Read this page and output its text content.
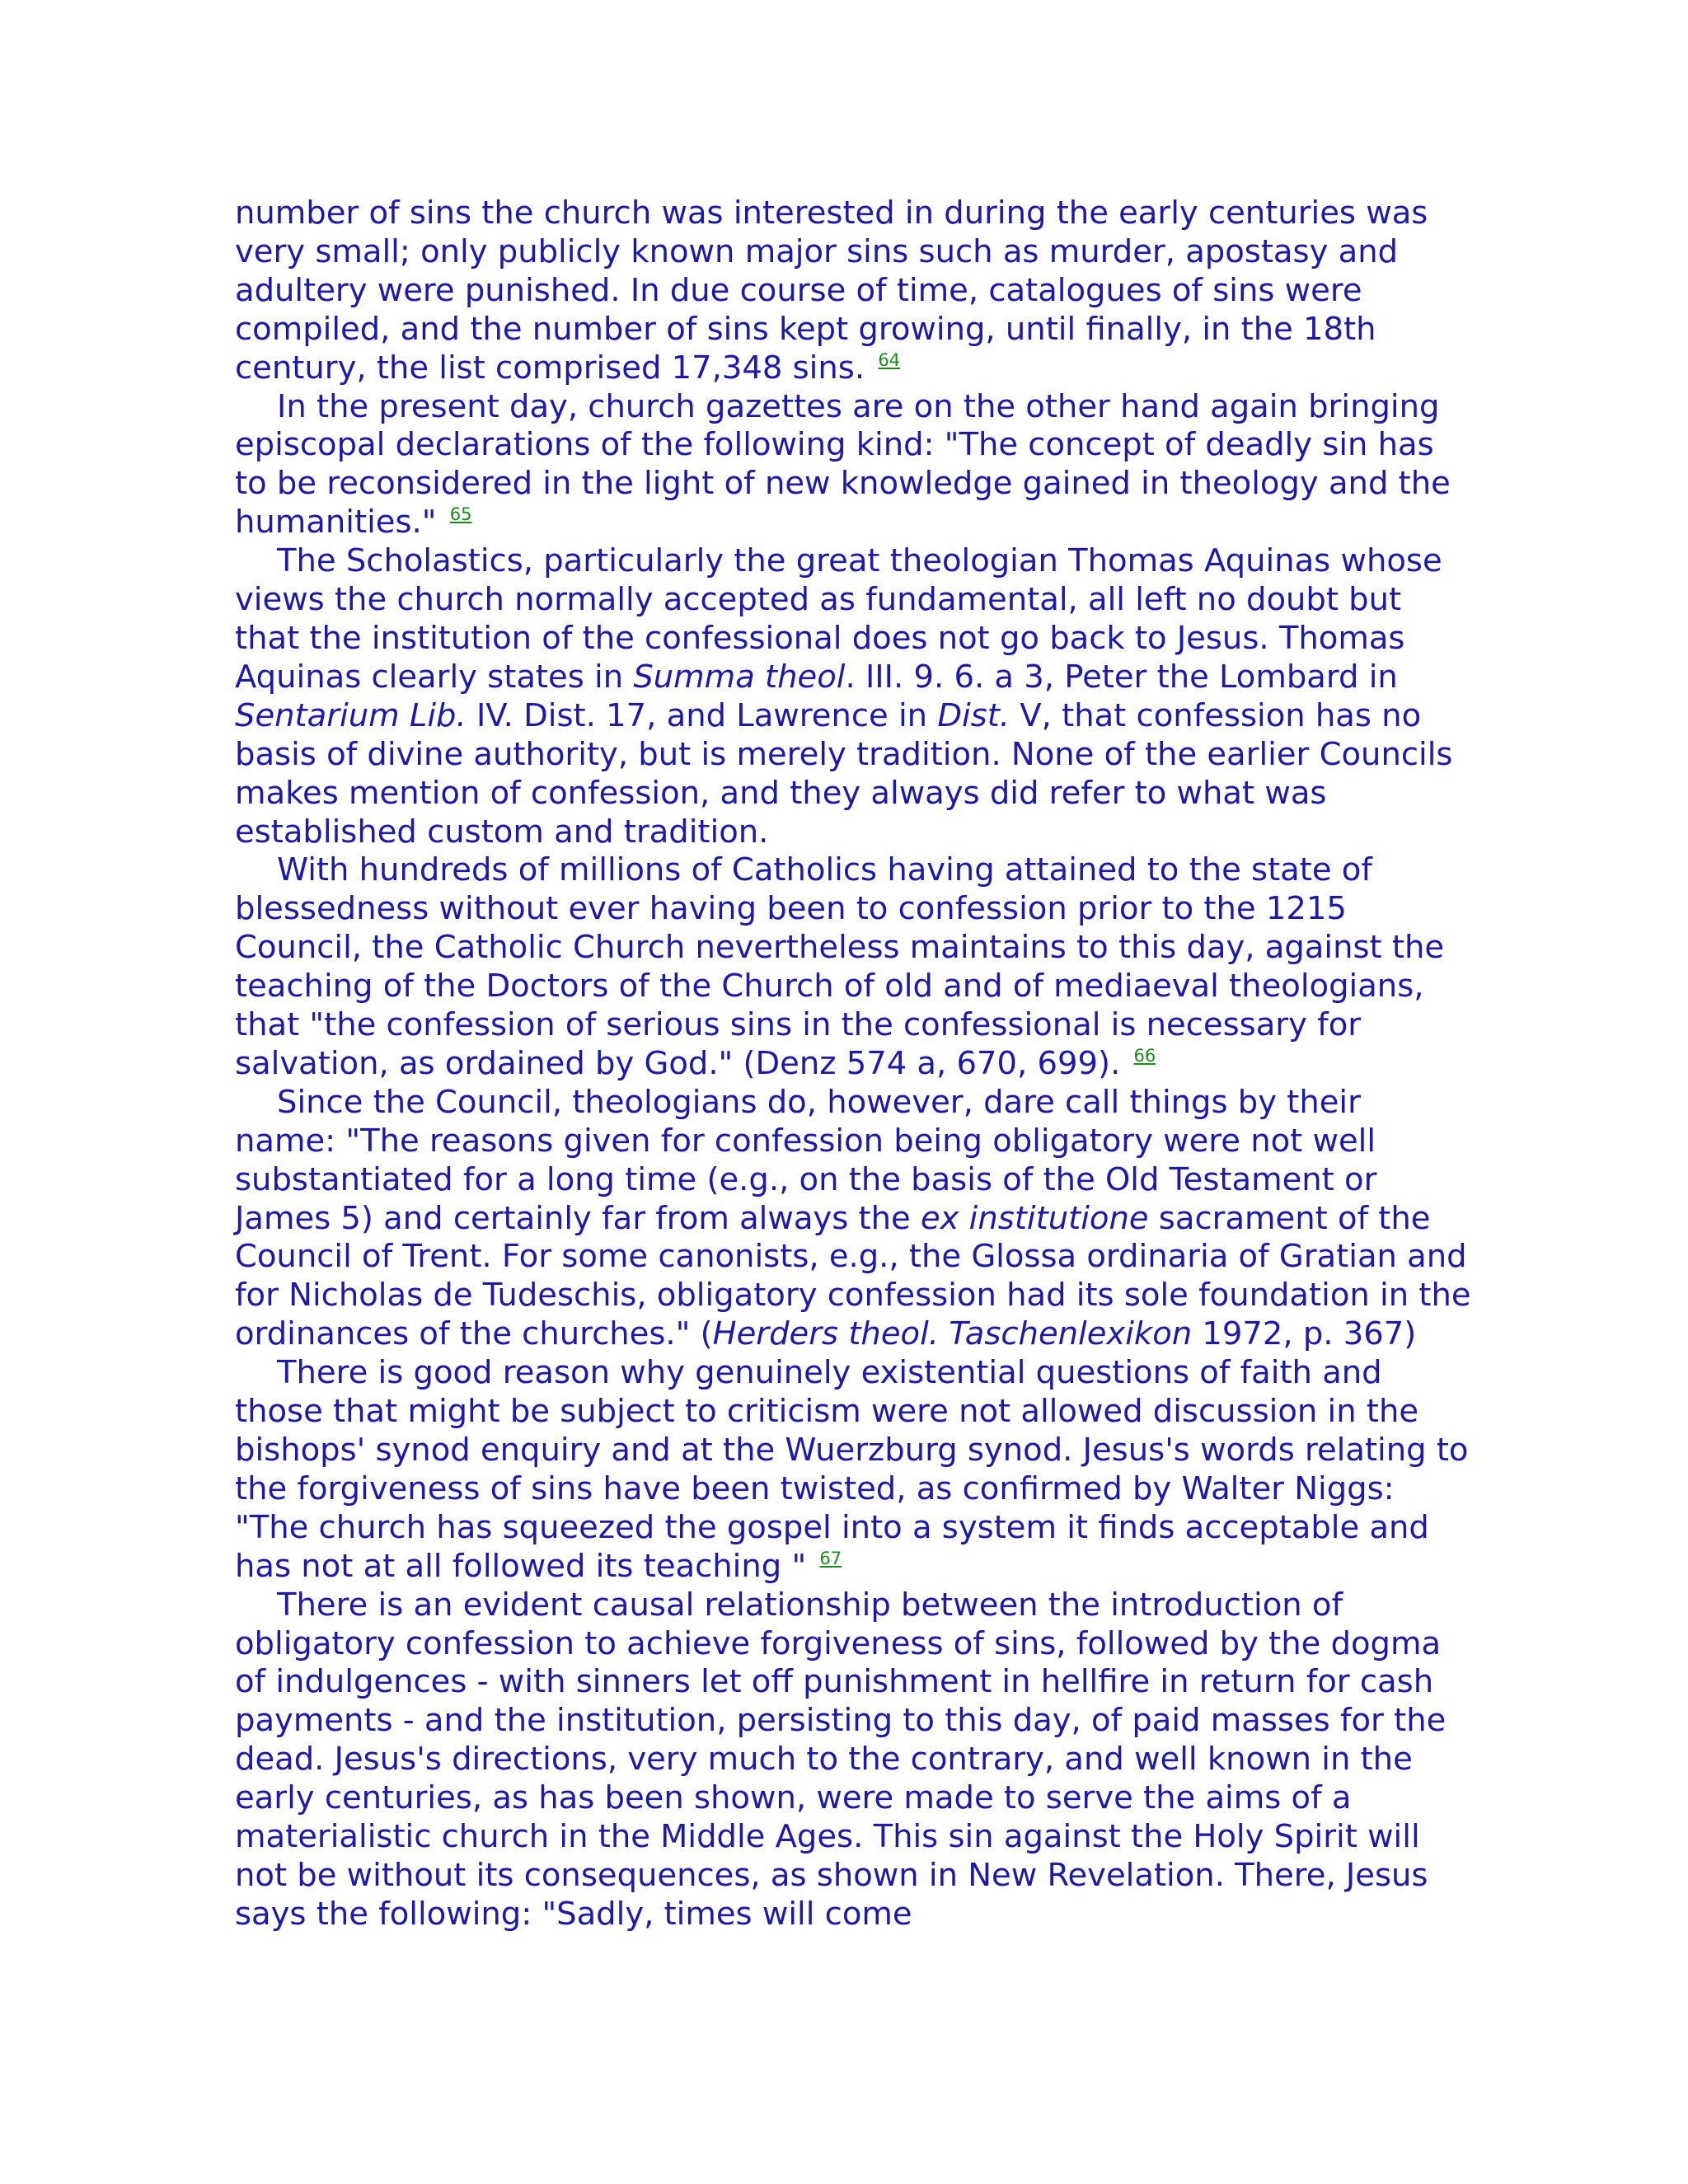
number of sins the church was interested in during the early centuries was very small; only publicly known major sins such as murder, apostasy and adultery were punished. In due course of time, catalogues of sins were compiled, and the number of sins kept growing, until finally, in the 18th century, the list comprised 17,348 sins. $^{64}$

In the present day, church gazettes are on the other hand again bringing episcopal declarations of the following kind: "The concept of deadly sin has to be reconsidered in the light of new knowledge gained in theology and the humanities." $^{65}$

The Scholastics, particularly the great theologian Thomas Aquinas whose views the church normally accepted as fundamental, all left no doubt but that the institution of the confessional does not go back to Jesus. Thomas Aquinas clearly states in Summa theol. III. 9. 6. a 3, Peter the Lombard in Sentarium Lib. IV. Dist. 17, and Lawrence in Dist. V, that confession has no basis of divine authority, but is merely tradition. None of the earlier Councils makes mention of confession, and they always did refer to what was established custom and tradition.

With hundreds of millions of Catholics having attained to the state of blessedness without ever having been to confession prior to the 1215 Council, the Catholic Church nevertheless maintains to this day, against the teaching of the Doctors of the Church of old and of mediaeval theologians, that "the confession of serious sins in the confessional is necessary for salvation, as ordained by God." (Denz 574 a, 670, 699). $^{66}$

Since the Council, theologians do, however, dare call things by their name: "The reasons given for confession being obligatory were not well substantiated for a long time (e.g., on the basis of the Old Testament or James 5) and certainly far from always the ex institutione sacrament of the Council of Trent. For some canonists, e.g., the Glossa ordinaria of Gratian and for Nicholas de Tudeschis, obligatory confession had its sole foundation in the ordinances of the churches." (Herders theol. Taschenlexikon 1972, p. 367)

There is good reason why genuinely existential questions of faith and those that might be subject to criticism were not allowed discussion in the bishops' synod enquiry and at the Wuerzburg synod. Jesus's words relating to the forgiveness of sins have been twisted, as confirmed by Walter Niggs: "The church has squeezed the gospel into a system it finds acceptable and has not at all followed its teaching " $^{67}$

There is an evident causal relationship between the introduction of obligatory confession to achieve forgiveness of sins, followed by the dogma of indulgences - with sinners let off punishment in hellfire in return for cash payments - and the institution, persisting to this day, of paid masses for the dead. Jesus's directions, very much to the contrary, and well known in the early centuries, as has been shown, were made to serve the aims of a materialistic church in the Middle Ages. This sin against the Holy Spirit will not be without its consequences, as shown in New Revelation. There, Jesus says the following: "Sadly, times will come
